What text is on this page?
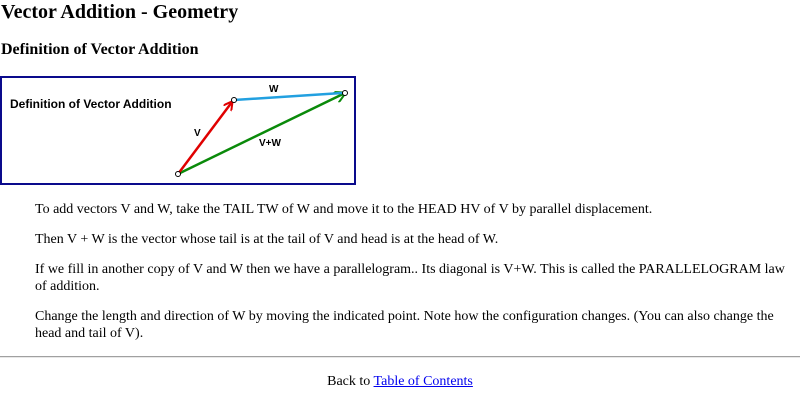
Vector Addition - Geometry
Definition of Vector Addition
Definition of Vector Addition
W
V
V+W

To add vectors V and W, take the TAIL TW of W and move it to the HEAD HV of V by parallel displacement.

Then V + W is the vector whose tail is at the tail of V and head is at the head of W.

If we fill in another copy of V and W then we have a parallelogram.. Its diagonal is V+W. This is called the PARALLELOGRAM law of addition.

Change the length and direction of W by moving the indicated point. Note how the configuration changes. (You can also change the head and tail of V).

Back to Table of Contents
